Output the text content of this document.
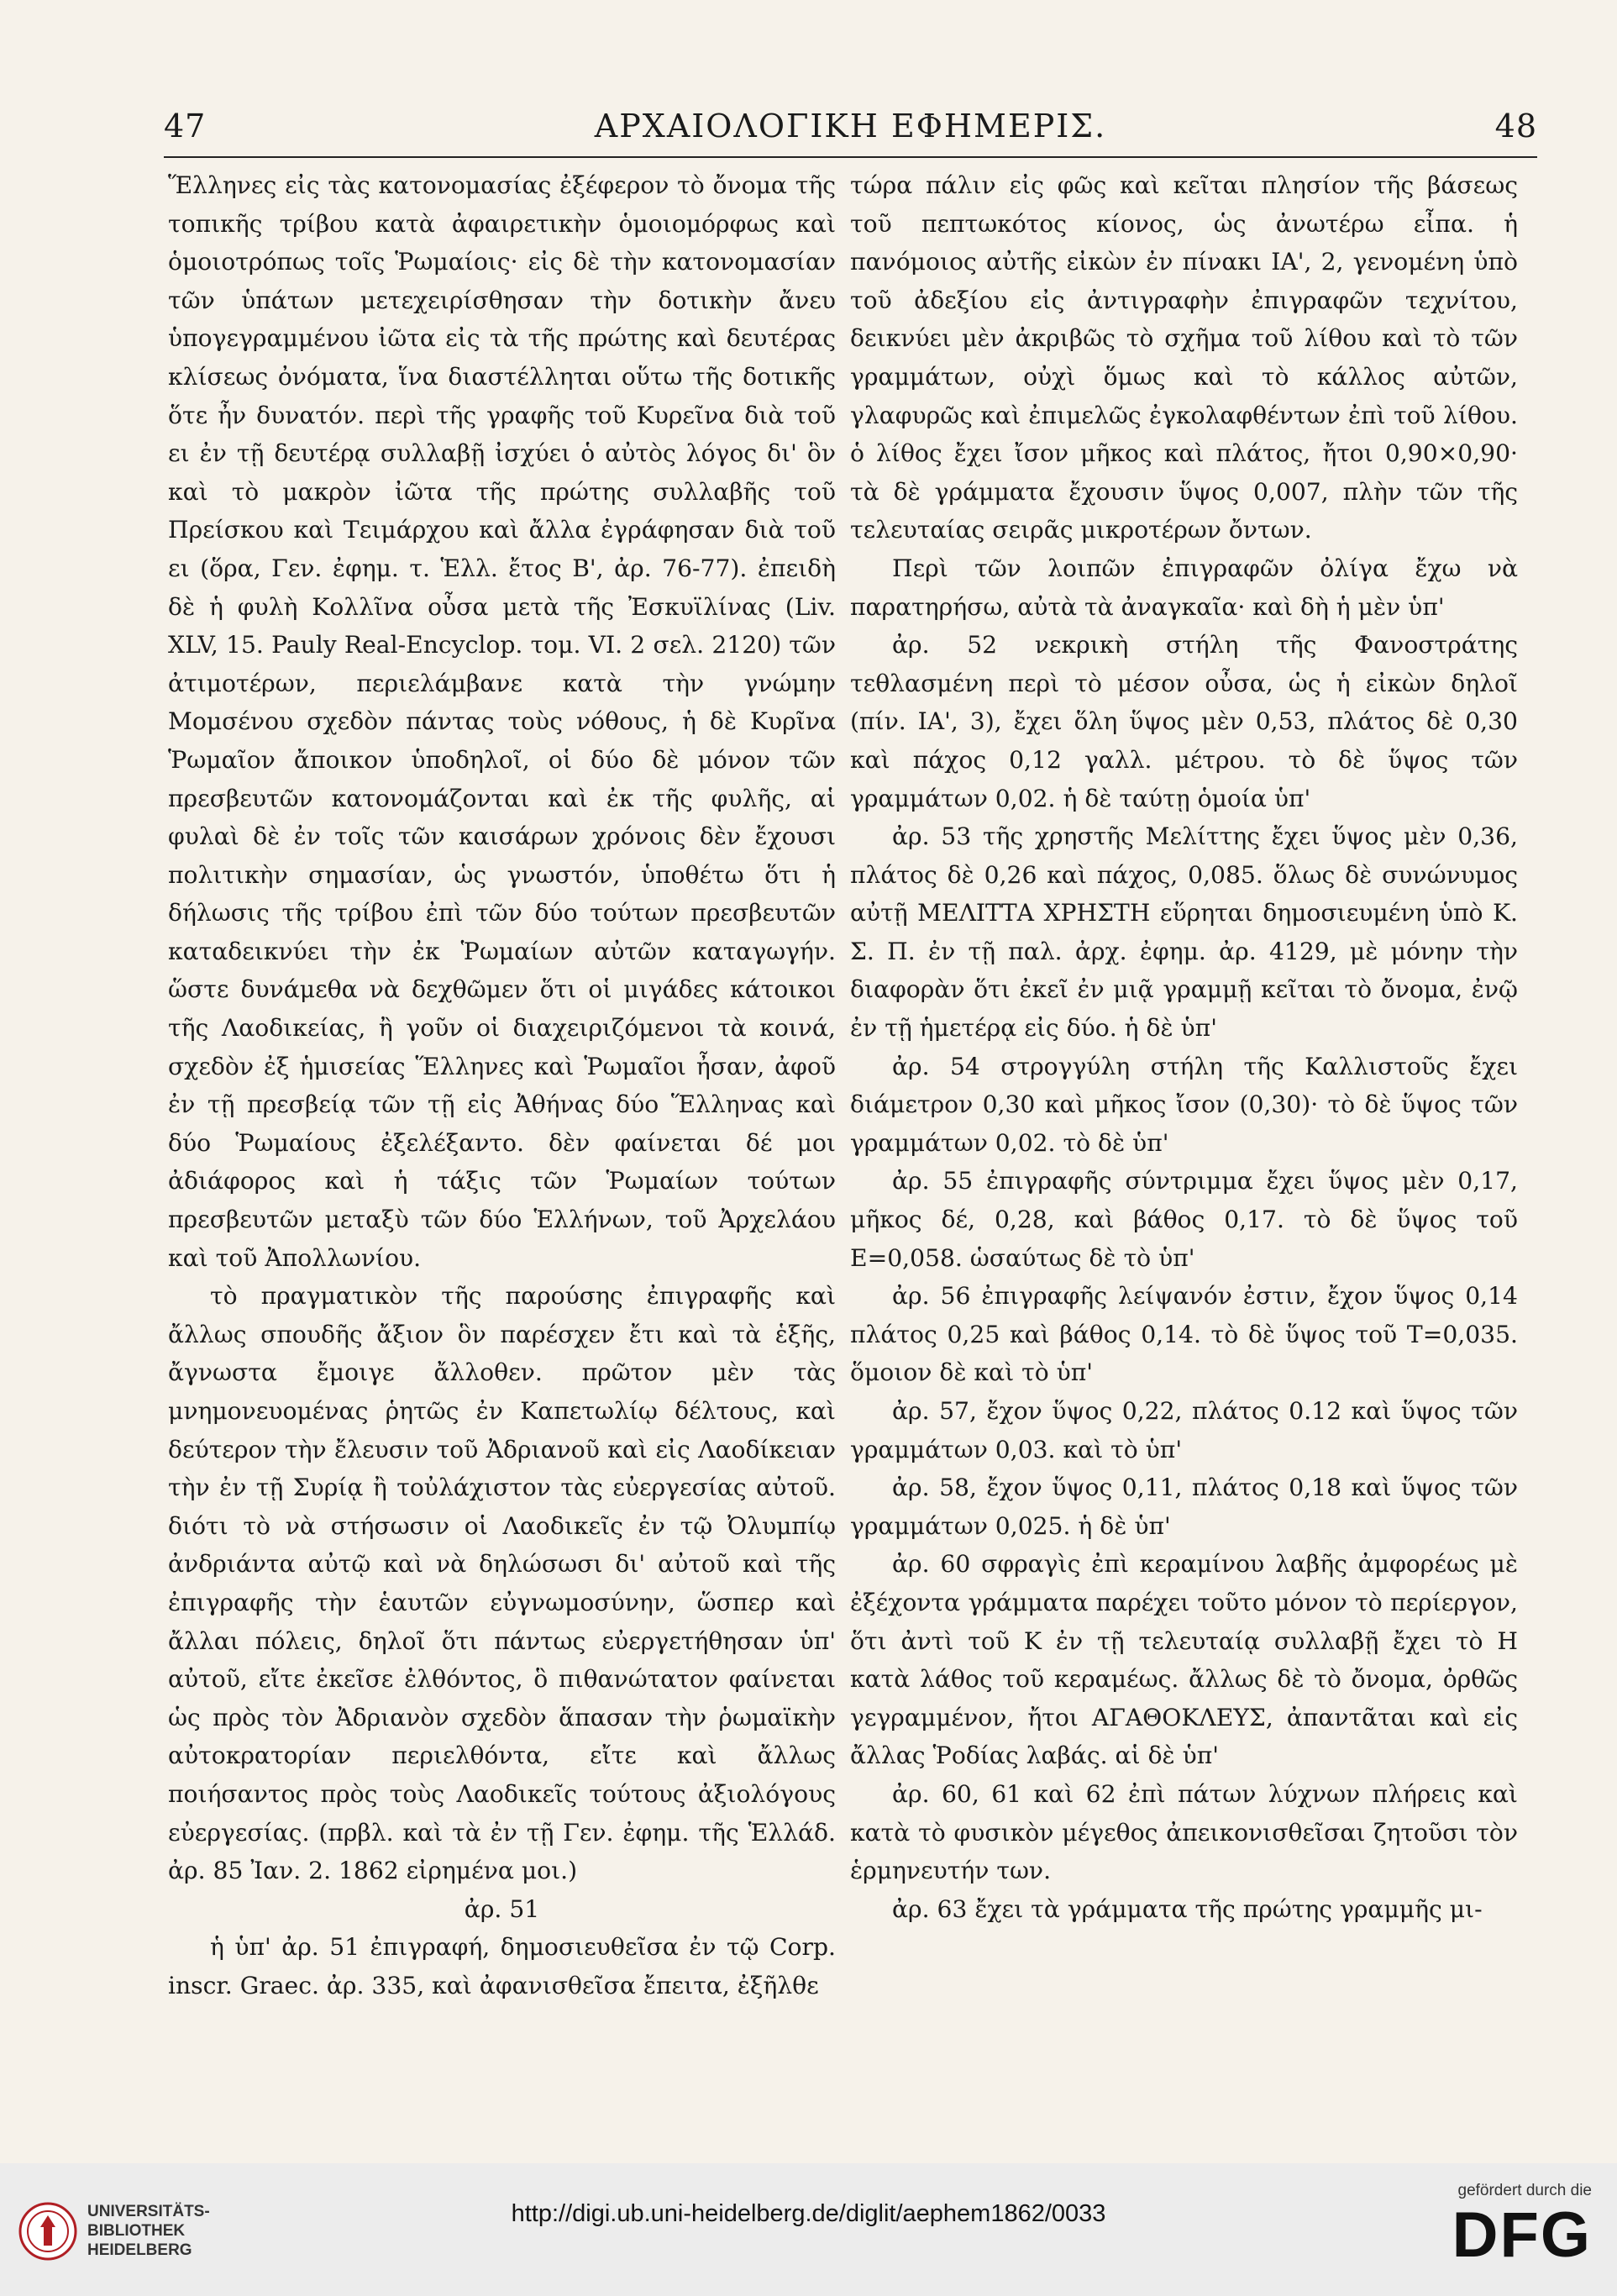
47	ΑΡΧΑΙΟΛΟΓΙΚΗ ΕΦΗΜΕΡΙΣ.	48

Ἕλληνες εἰς τὰς κατονομασίας ἐξέφερον τὸ ὄνομα τῆς τοπικῆς τρίβου κατὰ ἀφαιρετικὴν ὁμοιομόρφως καὶ ὁμοιοτρόπως τοῖς Ῥωμαίοις· εἰς δὲ τὴν κατονομασίαν τῶν ὑπάτων μετεχειρίσθησαν τὴν δοτικὴν ἄνευ ὑπογεγραμμένου ἰῶτα εἰς τὰ τῆς πρώτης καὶ δευτέρας κλίσεως ὀνόματα, ἵνα διαστέλληται οὕτω τῆς δοτικῆς ὅτε ἦν δυνατόν. περὶ τῆς γραφῆς τοῦ Κυρεῖνα διὰ τοῦ ει ἐν τῇ δευτέρᾳ συλλαβῇ ἰσχύει ὁ αὐτὸς λόγος δι' ὃν καὶ τὸ μακρὸν ἰῶτα τῆς πρώτης συλλαβῆς τοῦ Πρείσκου καὶ Τειμάρχου καὶ ἄλλα ἐγράφησαν διὰ τοῦ ει (ὅρα, Γεν. ἐφημ. τ. Ἑλλ. ἔτος Β', ἀρ. 76-77). ἐπειδὴ δὲ ἡ φυλὴ Κολλῖνα οὖσα μετὰ τῆς Ἐσκυϊλίνας (Liv. XLV, 15. Pauly Real-Encyclop. τομ. VI. 2 σελ. 2120) τῶν ἀτιμοτέρων, περιελάμβανε κατὰ τὴν γνώμην Μομσένου σχεδὸν πάντας τοὺς νόθους, ἡ δὲ Κυρῖνα Ῥωμαῖον ἄποικον ὑποδηλοῖ, οἱ δύο δὲ μόνον τῶν πρεσβευτῶν κατονομάζονται καὶ ἐκ τῆς φυλῆς, αἱ φυλαὶ δὲ ἐν τοῖς τῶν καισάρων χρόνοις δὲν ἔχουσι πολιτικὴν σημασίαν, ὡς γνωστόν, ὑποθέτω ὅτι ἡ δήλωσις τῆς τρίβου ἐπὶ τῶν δύο τούτων πρεσβευτῶν καταδεικνύει τὴν ἐκ Ῥωμαίων αὐτῶν καταγωγήν. ὥστε δυνάμεθα νὰ δεχθῶμεν ὅτι οἱ μιγάδες κάτοικοι τῆς Λαοδικείας, ἢ γοῦν οἱ διαχειριζόμενοι τὰ κοινά, σχεδὸν ἐξ ἡμισείας Ἕλληνες καὶ Ῥωμαῖοι ἦσαν, ἀφοῦ ἐν τῇ πρεσβείᾳ τῶν τῇ εἰς Ἀθήνας δύο Ἕλληνας καὶ δύο Ῥωμαίους ἐξελέξαντο. δὲν φαίνεται δέ μοι ἀδιάφορος καὶ ἡ τάξις τῶν Ῥωμαίων τούτων πρεσβευτῶν μεταξὺ τῶν δύο Ἑλλήνων, τοῦ Ἀρχελάου καὶ τοῦ Ἀπολλωνίου.

τὸ πραγματικὸν τῆς παρούσης ἐπιγραφῆς καὶ ἄλλως σπουδῆς ἄξιον ὃν παρέσχεν ἔτι καὶ τὰ ἑξῆς, ἄγνωστα ἔμοιγε ἄλλοθεν. πρῶτον μὲν τὰς μνημονευομένας ῥητῶς ἐν Καπετωλίῳ δέλτους, καὶ δεύτερον τὴν ἔλευσιν τοῦ Ἀδριανοῦ καὶ εἰς Λαοδίκειαν τὴν ἐν τῇ Συρίᾳ ἢ τοὐλάχιστον τὰς εὐεργεσίας αὐτοῦ. διότι τὸ νὰ στήσωσιν οἱ Λαοδικεῖς ἐν τῷ Ὀλυμπίῳ ἀνδριάντα αὐτῷ καὶ νὰ δηλώσωσι δι' αὐτοῦ καὶ τῆς ἐπιγραφῆς τὴν ἑαυτῶν εὐγνωμοσύνην, ὥσπερ καὶ ἄλλαι πόλεις, δηλοῖ ὅτι πάντως εὐεργετήθησαν ὑπ' αὐτοῦ, εἴτε ἐκεῖσε ἐλθόντος, ὃ πιθανώτατον φαίνεται ὡς πρὸς τὸν Ἀδριανὸν σχεδὸν ἅπασαν τὴν ῥωμαϊκὴν αὐτοκρατορίαν περιελθόντα, εἴτε καὶ ἄλλως ποιήσαντος πρὸς τοὺς Λαοδικεῖς τούτους ἀξιολόγους εὐεργεσίας. (πρβλ. καὶ τὰ ἐν τῇ Γεν. ἐφημ. τῆς Ἑλλάδ. ἀρ. 85 Ἰαν. 2. 1862 εἰρημένα μοι.)

ἀρ. 51

ἡ ὑπ' ἀρ. 51 ἐπιγραφή, δημοσιευθεῖσα ἐν τῷ Corp. inscr. Graec. ἀρ. 335, καὶ ἀφανισθεῖσα ἔπειτα, ἐξῆλθε

τώρα πάλιν εἰς φῶς καὶ κεῖται πλησίον τῆς βάσεως τοῦ πεπτωκότος κίονος, ὡς ἀνωτέρω εἶπα. ἡ πανόμοιος αὐτῆς εἰκὼν ἐν πίνακι ΙΑ', 2, γενομένη ὑπὸ τοῦ ἀδεξίου εἰς ἀντιγραφὴν ἐπιγραφῶν τεχνίτου, δεικνύει μὲν ἀκριβῶς τὸ σχῆμα τοῦ λίθου καὶ τὸ τῶν γραμμάτων, οὐχὶ ὅμως καὶ τὸ κάλλος αὐτῶν, γλαφυρῶς καὶ ἐπιμελῶς ἐγκολαφθέντων ἐπὶ τοῦ λίθου. ὁ λίθος ἔχει ἴσον μῆκος καὶ πλάτος, ἤτοι 0,90×0,90· τὰ δὲ γράμματα ἔχουσιν ὕψος 0,007, πλὴν τῶν τῆς τελευταίας σειρᾶς μικροτέρων ὄντων.

Περὶ τῶν λοιπῶν ἐπιγραφῶν ὀλίγα ἔχω νὰ παρατηρήσω, αὐτὰ τὰ ἀναγκαῖα· καὶ δὴ ἡ μὲν ὑπ'

ἀρ. 52 νεκρικὴ στήλη τῆς Φανοστράτης τεθλασμένη περὶ τὸ μέσον οὖσα, ὡς ἡ εἰκὼν δηλοῖ (πίν. ΙΑ', 3), ἔχει ὅλη ὕψος μὲν 0,53, πλάτος δὲ 0,30 καὶ πάχος 0,12 γαλλ. μέτρου. τὸ δὲ ὕψος τῶν γραμμάτων 0,02. ἡ δὲ ταύτῃ ὁμοία ὑπ'

ἀρ. 53 τῆς χρηστῆς Μελίττης ἔχει ὕψος μὲν 0,36, πλάτος δὲ 0,26 καὶ πάχος, 0,085. ὅλως δὲ συνώνυμος αὐτῇ ΜΕΛΙΤΤΑ ΧΡΗΣΤΗ εὕρηται δημοσιευμένη ὑπὸ Κ. Σ. Π. ἐν τῇ παλ. ἀρχ. ἐφημ. ἀρ. 4129, μὲ μόνην τὴν διαφορὰν ὅτι ἐκεῖ ἐν μιᾷ γραμμῇ κεῖται τὸ ὄνομα, ἐνῷ ἐν τῇ ἡμετέρᾳ εἰς δύο. ἡ δὲ ὑπ'

ἀρ. 54 στρογγύλη στήλη τῆς Καλλιστοῦς ἔχει διάμετρον 0,30 καὶ μῆκος ἴσον (0,30)· τὸ δὲ ὕψος τῶν γραμμάτων 0,02. τὸ δὲ ὑπ'

ἀρ. 55 ἐπιγραφῆς σύντριμμα ἔχει ὕψος μὲν 0,17, μῆκος δέ, 0,28, καὶ βάθος 0,17. τὸ δὲ ὕψος τοῦ Ε=0,058. ὡσαύτως δὲ τὸ ὑπ'

ἀρ. 56 ἐπιγραφῆς λείψανόν ἐστιν, ἔχον ὕψος 0,14 πλάτος 0,25 καὶ βάθος 0,14. τὸ δὲ ὕψος τοῦ Τ=0,035. ὅμοιον δὲ καὶ τὸ ὑπ'

ἀρ. 57, ἔχον ὕψος 0,22, πλάτος 0.12 καὶ ὕψος τῶν γραμμάτων 0,03. καὶ τὸ ὑπ'

ἀρ. 58, ἔχον ὕψος 0,11, πλάτος 0,18 καὶ ὕψος τῶν γραμμάτων 0,025. ἡ δὲ ὑπ'

ἀρ. 60 σφραγὶς ἐπὶ κεραμίνου λαβῆς ἀμφορέως μὲ ἐξέχοντα γράμματα παρέχει τοῦτο μόνον τὸ περίεργον, ὅτι ἀντὶ τοῦ Κ ἐν τῇ τελευταίᾳ συλλαβῇ ἔχει τὸ Η κατὰ λάθος τοῦ κεραμέως. ἄλλως δὲ τὸ ὄνομα, ὀρθῶς γεγραμμένον, ἤτοι ΑΓΑΘΟΚΛΕΥΣ, ἀπαντᾶται καὶ εἰς ἄλλας Ῥοδίας λαβάς. αἱ δὲ ὑπ'

ἀρ. 60, 61 καὶ 62 ἐπὶ πάτων λύχνων πλήρεις καὶ κατὰ τὸ φυσικὸν μέγεθος ἀπεικονισθεῖσαι ζητοῦσι τὸν ἑρμηνευτήν των.

ἀρ. 63 ἔχει τὰ γράμματα τῆς πρώτης γραμμῆς μι-

UNIVERSITÄTS-
BIBLIOTHEK
HEIDELBERG
http://digi.ub.uni-heidelberg.de/diglit/aephem1862/0033
gefördert durch die
DFG
